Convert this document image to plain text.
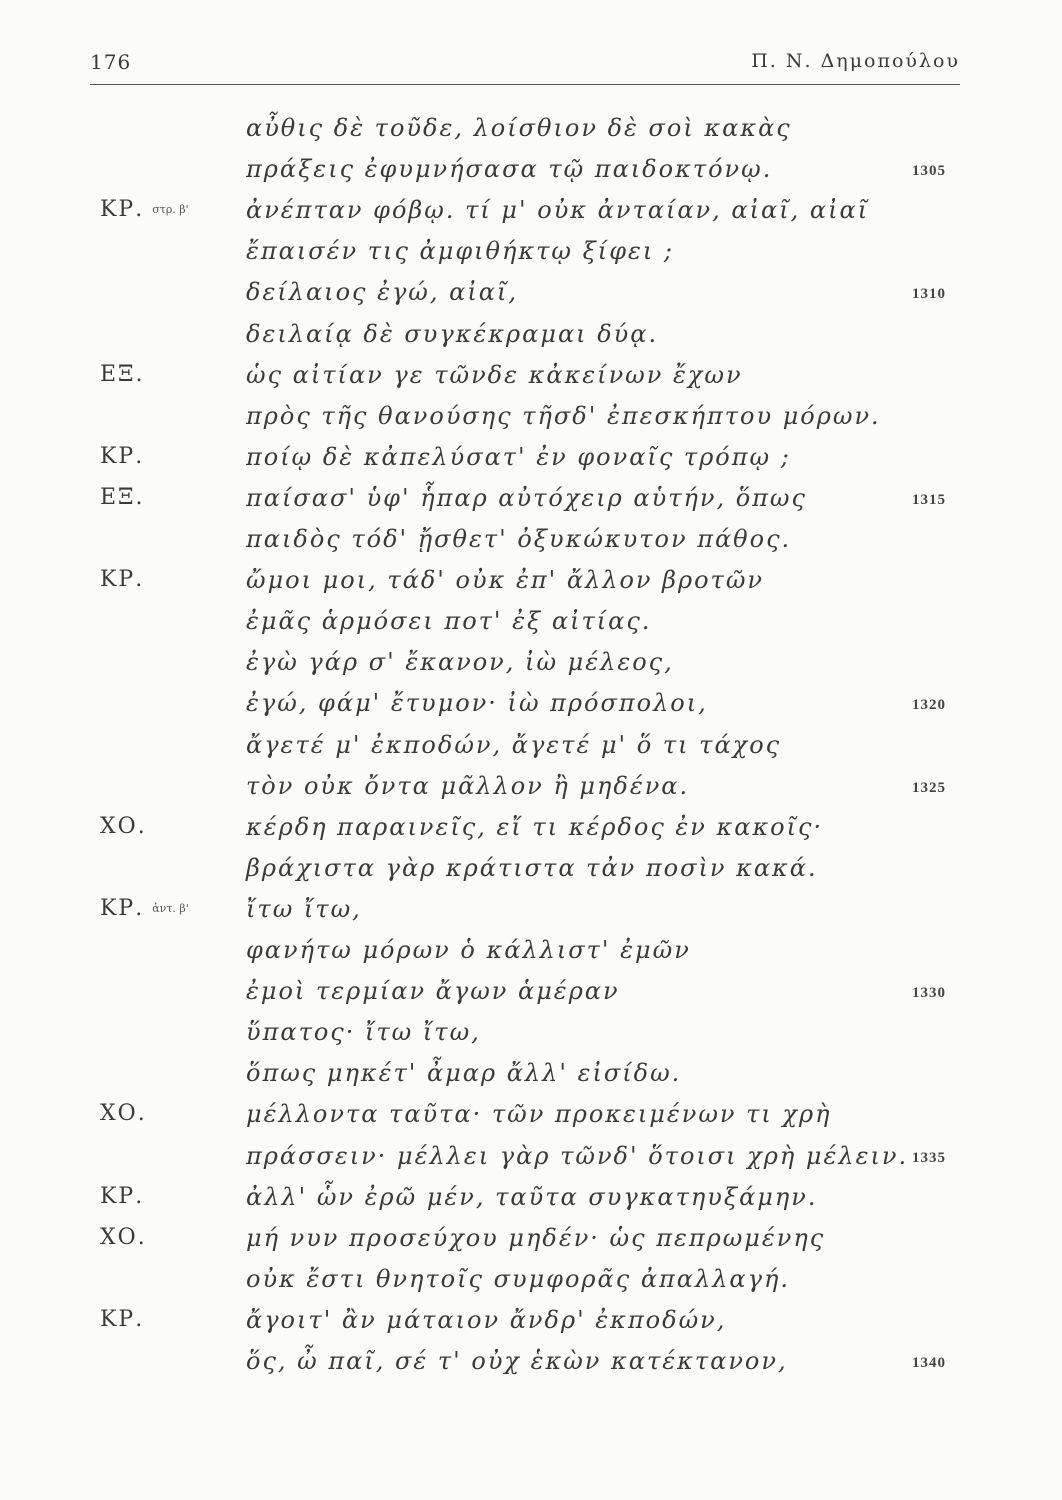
176	Π. Ν. Δημοπούλου
αὖθις δὲ τοῦδε, λοίσθιον δὲ σοὶ κακὰς
πράξεις ἐφυμνήσασα τῷ παιδοκτόνῳ.	1305
ΚΡ. στρ. β' ἀνέπταν φόβῳ. τί μ' οὐκ ἀνταίαν, αἰαῖ, αἰαῖ
ἔπαισέν τις ἀμφιθήκτῳ ξίφει ;
δείλαιος ἐγώ, αἰαῖ,	1310
δειλαίᾳ δὲ συγκέκραμαι δύᾳ.
ΕΞ.	ὡς αἰτίαν γε τῶνδε κἀκείνων ἔχων
πρὸς τῆς θανούσης τῆσδ' ἐπεσκήπτου μόρων.
ΚΡ.	ποίῳ δὲ κἀπελύσατ' ἐν φοναῖς τρόπῳ ;
ΕΞ.	παίσασ' ὑφ' ἧπαρ αὐτόχειρ αὑτήν, ὅπως	1315
παιδὸς τόδ' ᾔσθετ' ὀξυκώκυτον πάθος.
ΚΡ.	ὤμοι μοι, τάδ' οὐκ ἐπ' ἄλλον βροτῶν
ἐμᾶς ἁρμόσει ποτ' ἐξ αἰτίας.
ἐγὼ γάρ σ' ἔκανον, ἰὼ μέλεος,
ἐγώ, φάμ' ἔτυμον· ἰὼ πρόσπολοι,	1320
ἄγετέ μ' ἐκποδών, ἄγετέ μ' ὅ τι τάχος
τὸν οὐκ ὄντα μᾶλλον ἢ μηδένα.	1325
ΧΟ.	κέρδη παραινεῖς, εἴ τι κέρδος ἐν κακοῖς·
βράχιστα γὰρ κράτιστα τἀν ποσὶν κακά.
ΚΡ. ἀντ. β' ἴτω ἴτω,
φανήτω μόρων ὁ κάλλιστ' ἐμῶν
ἐμοὶ τερμίαν ἄγων ἁμέραν	1330
ὕπατος· ἴτω ἴτω,
ὅπως μηκέτ' ἆμαρ ἄλλ' εἰσίδω.
ΧΟ.	μέλλοντα ταῦτα· τῶν προκειμένων τι χρὴ
πράσσειν· μέλλει γὰρ τῶνδ' ὅτοισι χρὴ μέλειν. 1335
ΚΡ.	ἀλλ' ὧν ἐρῶ μέν, ταῦτα συγκατηυξάμην.
ΧΟ.	μή νυν προσεύχου μηδέν· ὡς πεπρωμένης
οὐκ ἔστι θνητοῖς συμφορᾶς ἀπαλλαγή.
ΚΡ.	ἄγοιτ' ἂν μάταιον ἄνδρ' ἐκποδών,
ὅς, ὦ παῖ, σέ τ' οὐχ ἑκὼν κατέκτανον,	1340
